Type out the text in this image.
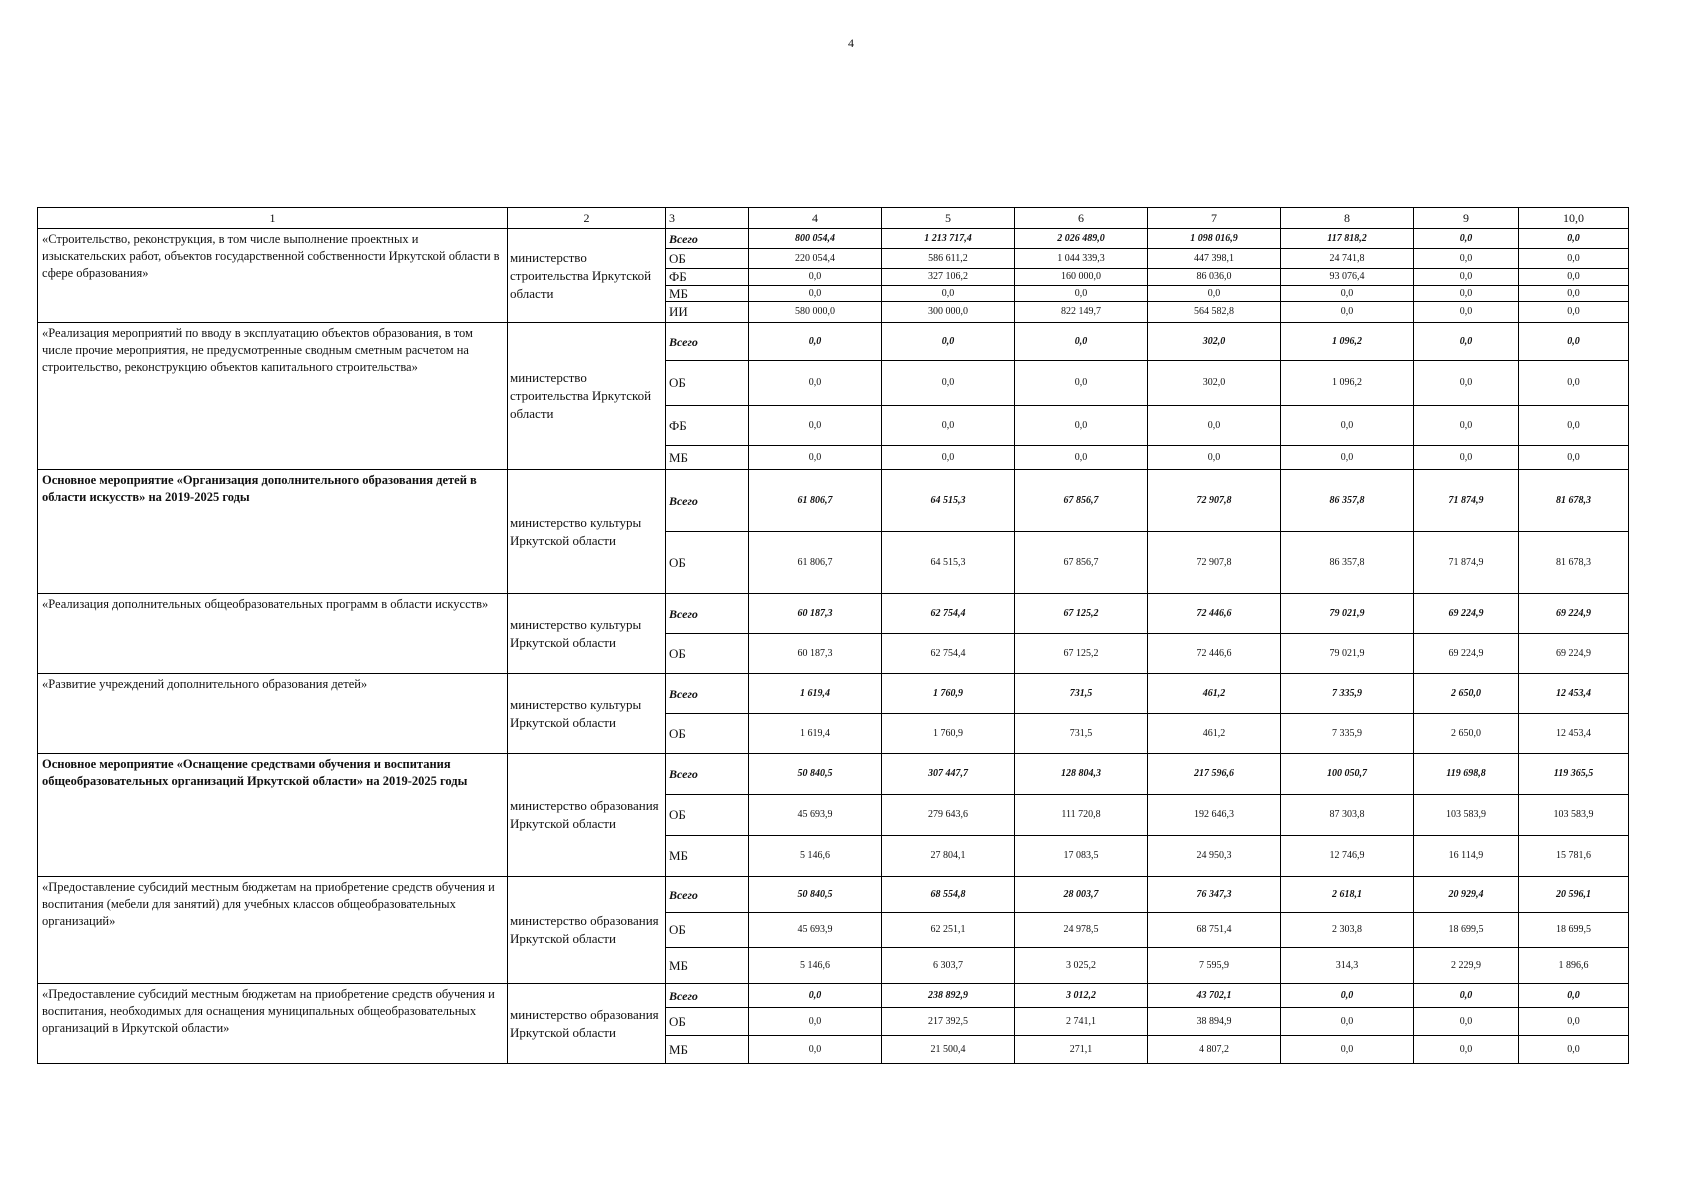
4
1	2	3	4	5	6	7	8	9	10,0
«Строительство, реконструкция, в том числе выполнение проектных и изыскательских работ, объектов государственной собственности Иркутской области в сфере образования»	министерство строительства Иркутской области	Всего	800 054,4	1 213 717,4	2 026 489,0	1 098 016,9	117 818,2	0,0	0,0
		ОБ	220 054,4	586 611,2	1 044 339,3	447 398,1	24 741,8	0,0	0,0
		ФБ	0,0	327 106,2	160 000,0	86 036,0	93 076,4	0,0	0,0
		МБ	0,0	0,0	0,0	0,0	0,0	0,0	0,0
		ИИ	580 000,0	300 000,0	822 149,7	564 582,8	0,0	0,0	0,0
«Реализация мероприятий по вводу в эксплуатацию объектов образования, в том числе прочие мероприятия, не предусмотренные сводным сметным расчетом на строительство, реконструкцию объектов капитального строительства»	министерство строительства Иркутской области	Всего	0,0	0,0	0,0	302,0	1 096,2	0,0	0,0
		ОБ	0,0	0,0	0,0	302,0	1 096,2	0,0	0,0
		ФБ	0,0	0,0	0,0	0,0	0,0	0,0	0,0
		МБ	0,0	0,0	0,0	0,0	0,0	0,0	0,0
Основное мероприятие «Организация дополнительного образования детей в области искусств» на 2019-2025 годы	министерство культуры Иркутской области	Всего	61 806,7	64 515,3	67 856,7	72 907,8	86 357,8	71 874,9	81 678,3
		ОБ	61 806,7	64 515,3	67 856,7	72 907,8	86 357,8	71 874,9	81 678,3
«Реализация дополнительных общеобразовательных программ в области искусств»	министерство культуры Иркутской области	Всего	60 187,3	62 754,4	67 125,2	72 446,6	79 021,9	69 224,9	69 224,9
		ОБ	60 187,3	62 754,4	67 125,2	72 446,6	79 021,9	69 224,9	69 224,9
«Развитие учреждений дополнительного образования детей»	министерство культуры Иркутской области	Всего	1 619,4	1 760,9	731,5	461,2	7 335,9	2 650,0	12 453,4
		ОБ	1 619,4	1 760,9	731,5	461,2	7 335,9	2 650,0	12 453,4
Основное мероприятие «Оснащение средствами обучения и воспитания общеобразовательных организаций Иркутской области» на 2019-2025 годы	министерство образования Иркутской области	Всего	50 840,5	307 447,7	128 804,3	217 596,6	100 050,7	119 698,8	119 365,5
		ОБ	45 693,9	279 643,6	111 720,8	192 646,3	87 303,8	103 583,9	103 583,9
		МБ	5 146,6	27 804,1	17 083,5	24 950,3	12 746,9	16 114,9	15 781,6
«Предоставление субсидий местным бюджетам на приобретение средств обучения и воспитания (мебели для занятий) для учебных классов общеобразовательных организаций»	министерство образования Иркутской области	Всего	50 840,5	68 554,8	28 003,7	76 347,3	2 618,1	20 929,4	20 596,1
		ОБ	45 693,9	62 251,1	24 978,5	68 751,4	2 303,8	18 699,5	18 699,5
		МБ	5 146,6	6 303,7	3 025,2	7 595,9	314,3	2 229,9	1 896,6
«Предоставление субсидий местным бюджетам на приобретение средств обучения и воспитания, необходимых для оснащения муниципальных общеобразовательных организаций в Иркутской области»	министерство образования Иркутской области	Всего	0,0	238 892,9	3 012,2	43 702,1	0,0	0,0	0,0
		ОБ	0,0	217 392,5	2 741,1	38 894,9	0,0	0,0	0,0
		МБ	0,0	21 500,4	271,1	4 807,2	0,0	0,0	0,0
